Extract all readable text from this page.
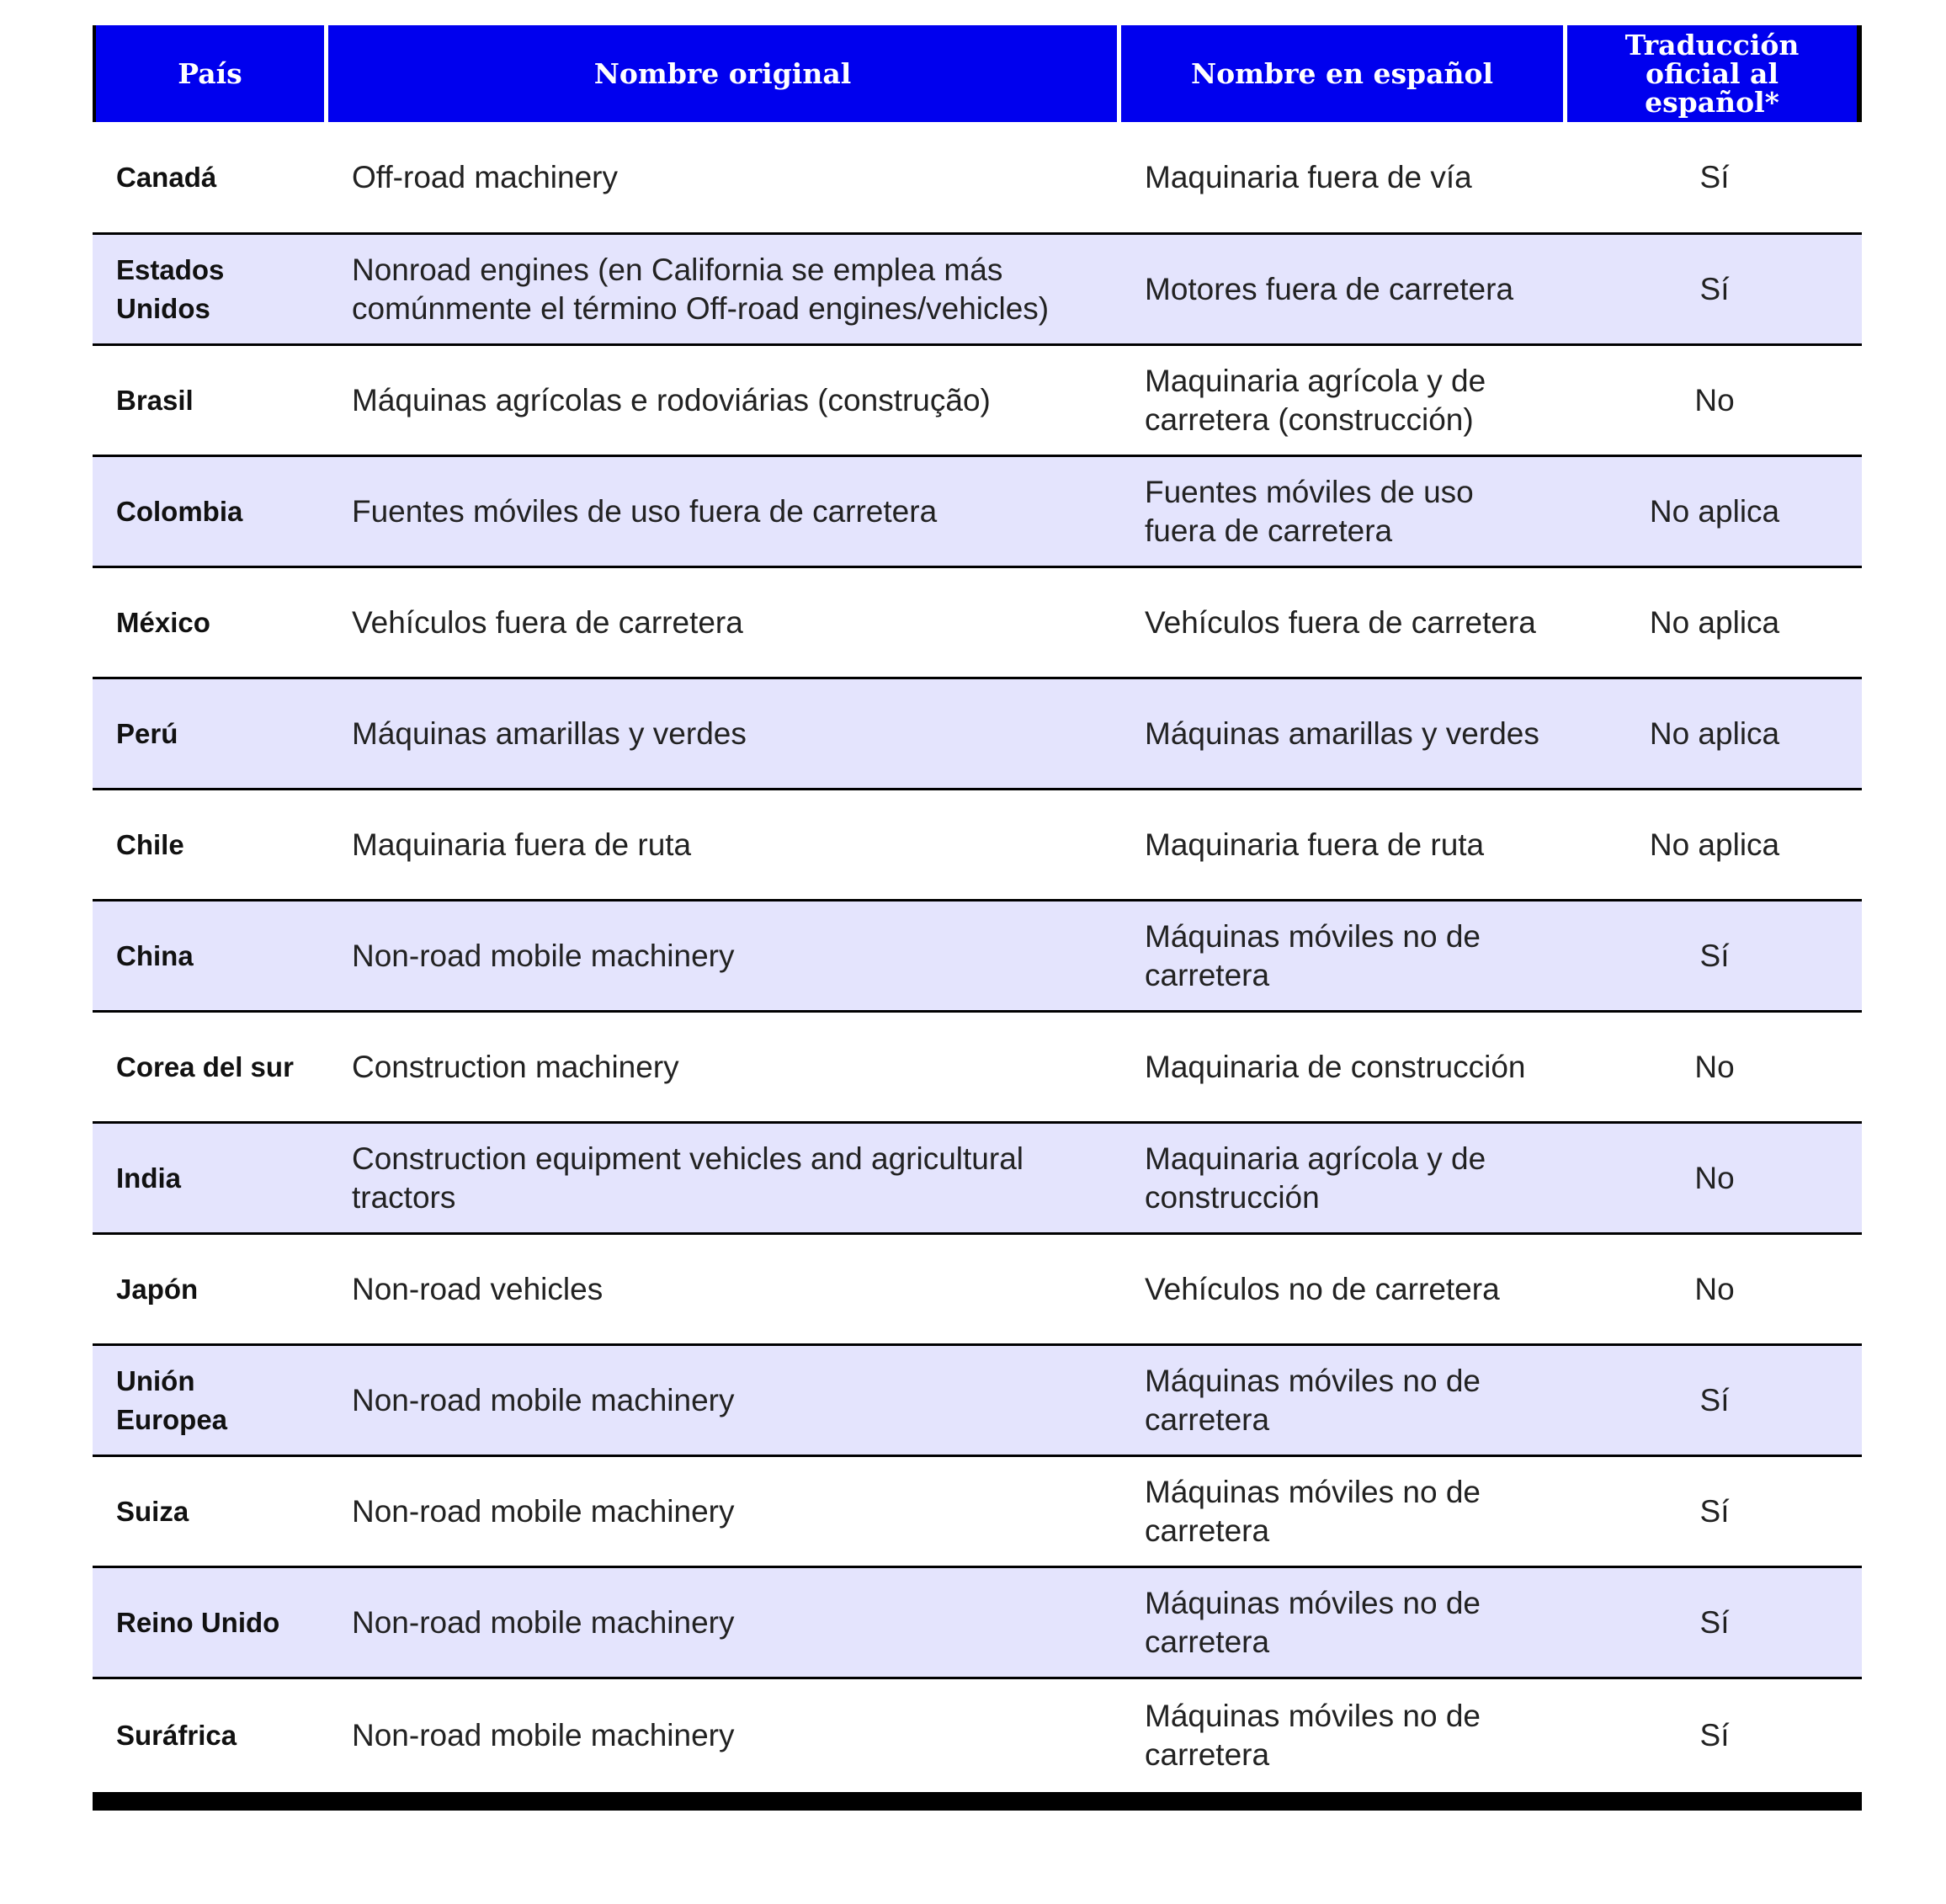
País	Nombre original	Nombre en español	Traducción oficial al español*
Canadá	Off-road machinery	Maquinaria fuera de vía	Sí
Estados Unidos	Nonroad engines (en California se emplea más comúnmente el término Off-road engines/vehicles)	Motores fuera de carretera	Sí
Brasil	Máquinas agrícolas e rodoviárias (construção)	Maquinaria agrícola y de carretera (construcción)	No
Colombia	Fuentes móviles de uso fuera de carretera	Fuentes móviles de uso fuera de carretera	No aplica
México	Vehículos fuera de carretera	Vehículos fuera de carretera	No aplica
Perú	Máquinas amarillas y verdes	Máquinas amarillas y verdes	No aplica
Chile	Maquinaria fuera de ruta	Maquinaria fuera de ruta	No aplica
China	Non-road mobile machinery	Máquinas móviles no de carretera	Sí
Corea del sur	Construction machinery	Maquinaria de construcción	No
India	Construction equipment vehicles and agricultural tractors	Maquinaria agrícola y de construcción	No
Japón	Non-road vehicles	Vehículos no de carretera	No
Unión Europea	Non-road mobile machinery	Máquinas móviles no de carretera	Sí
Suiza	Non-road mobile machinery	Máquinas móviles no de carretera	Sí
Reino Unido	Non-road mobile machinery	Máquinas móviles no de carretera	Sí
Suráfrica	Non-road mobile machinery	Máquinas móviles no de carretera	Sí
